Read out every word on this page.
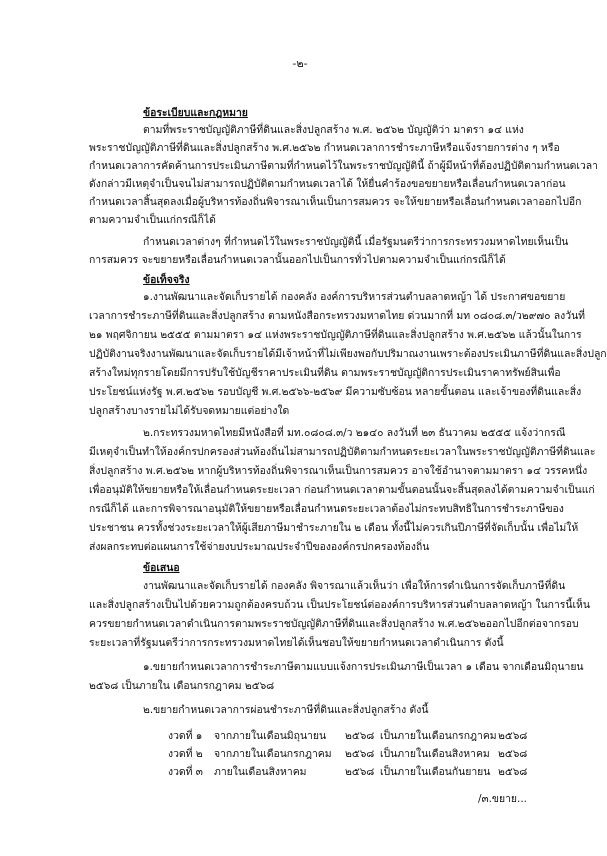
-๒-
ข้อระเบียบและกฎหมาย
ตามที่พระราชบัญญัติภาษีที่ดินและสิ่งปลูกสร้าง พ.ศ. ๒๕๖๒ บัญญัติว่า มาตรา ๑๔ แห่ง
พระราชบัญญัติภาษีที่ดินและสิ่งปลูกสร้าง พ.ศ.๒๕๖๒ กำหนดเวลาการชำระภาษีหรือแจ้งรายการต่าง ๆ หรือ
กำหนดเวลาการคัดค้านการประเมินภาษีตามที่กำหนดไว้ในพระราชบัญญัตินี้ ถ้าผู้มีหน้าที่ต้องปฏิบัติตามกำหนดเวลา
ดังกล่าวมีเหตุจำเป็นจนไม่สามารถปฏิบัติตามกำหนดเวลาได้ ให้ยื่นคำร้องขอขยายหรือเลื่อนกำหนดเวลาก่อน
กำหนดเวลาสิ้นสุดลงเมื่อผู้บริหารท้องถิ่นพิจารณาเห็นเป็นการสมควร จะให้ขยายหรือเลื่อนกำหนดเวลาออกไปอีก
ตามความจำเป็นแก่กรณีก็ได้
กำหนดเวลาต่างๆ ที่กำหนดไว้ในพระราชบัญญัตินี้ เมื่อรัฐมนตรีว่าการกระทรวงมหาดไทยเห็นเป็น
การสมควร จะขยายหรือเลื่อนกำหนดเวลานั้นออกไปเป็นการทั่วไปตามความจำเป็นแก่กรณีก็ได้
ข้อเท็จจริง
๑.งานพัฒนาและจัดเก็บรายได้ กองคลัง องค์การบริหารส่วนตำบลลาดหญ้า ได้ ประกาศขอขยาย
เวลาการชำระภาษีที่ดินและสิ่งปลูกสร้าง ตามหนังสือกระทรวงมหาดไทย ด่วนมากที่ มท ๐๘๐๘.๓/ว๒๙๗๐ ลงวันที่
๒๑ พฤศจิกายน ๒๕๕๕ ตามมาตรา ๑๔ แห่งพระราชบัญญัติภาษีที่ดินและสิ่งปลูกสร้าง พ.ศ.๒๕๖๒ แล้วนั้นในการ
ปฏิบัติงานจริงงานพัฒนาและจัดเก็บรายได้มีเจ้าหน้าที่ไม่เพียงพอกับปริมาณงานเพราะต้องประเมินภาษีที่ดินและสิ่งปลูก
สร้างใหม่ทุกรายโดยมีการปรับใช้บัญชีราคาประเมินที่ดิน ตามพระราชบัญญัติการประเมินราคาทรัพย์สินเพื่อ
ประโยชน์แห่งรัฐ พ.ศ.๒๕๖๒ รอบบัญชี พ.ศ.๒๕๖๖-๒๕๖๙ มีความซับซ้อน หลายขั้นตอน และเจ้าของที่ดินและสิ่ง
ปลูกสร้างบางรายไม่ได้รับจดหมายแต่อย่างใด
๒.กระทรวงมหาดไทยมีหนังสือที่ มท.๐๘๐๘.๓/ว ๒๑๔๐ ลงวันที่ ๒๓ ธันวาคม ๒๕๕๕ แจ้งว่ากรณี
มีเหตุจำเป็นทำให้องค์กรปกครองส่วนท้องถิ่นไม่สามารถปฏิบัติตามกำหนดระยะเวลาในพระราชบัญญัติภาษีที่ดินและ
สิ่งปลูกสร้าง พ.ศ.๒๕๖๒ หากผู้บริหารท้องถิ่นพิจารณาเห็นเป็นการสมควร อาจใช้อำนาจตามมาตรา ๑๔ วรรคหนึ่ง
เพื่ออนุมัติให้ขยายหรือให้เลื่อนกำหนดระยะเวลา ก่อนกำหนดเวลาตามขั้นตอนนั้นจะสิ้นสุดลงได้ตามความจำเป็นแก่
กรณีก็ได้ และการพิจารณาอนุมัติให้ขยายหรือเลื่อนกำหนดระยะเวลาต้องไม่กระทบสิทธิในการชำระภาษีของ
ประชาชน ควรทั้งช่วงระยะเวลาให้ผู้เสียภาษีมาชำระภายใน ๒ เดือน ทั้งนี้ไม่ควรเกินปีภาษีที่จัดเก็บนั้น เพื่อไม่ให้
ส่งผลกระทบต่อแผนการใช้จ่ายงบประมาณประจำปีขององค์กรปกครองท้องถิ่น
ข้อเสนอ
งานพัฒนาและจัดเก็บรายได้ กองคลัง พิจารณาแล้วเห็นว่า เพื่อให้การดำเนินการจัดเก็บภาษีที่ดิน
และสิ่งปลูกสร้างเป็นไปด้วยความถูกต้องครบถ้วน เป็นประโยชน์ต่อองค์การบริหารส่วนตำบลลาดหญ้า ในการนี้เห็น
ควรขยายกำหนดเวลาดำเนินการตามพระราชบัญญัติภาษีที่ดินและสิ่งปลูกสร้าง พ.ศ.๒๕๖๒ออกไปอีกต่อจากรอบ
ระยะเวลาที่รัฐมนตรีว่าการกระทรวงมหาดไทยได้เห็นชอบให้ขยายกำหนดเวลาดำเนินการ ดังนี้
๑.ขยายกำหนดเวลาการชำระภาษีตามแบบแจ้งการประเมินภาษีเป็นเวลา ๑ เดือน จากเดือนมิถุนายน
๒๕๖๘ เป็นภายใน เดือนกรกฎาคม ๒๕๖๘
๒.ขยายกำหนดเวลาการผ่อนชำระภาษีที่ดินและสิ่งปลูกสร้าง ดังนี้
งวดที่ ๑ จากภายในเดือนมิถุนายน ๒๕๖๘ เป็นภายในเดือนกรกฎาคม ๒๕๖๘
งวดที่ ๒ จากภายในเดือนกรกฎาคม ๒๕๖๘ เป็นภายในเดือนสิงหาคม ๒๕๖๘
งวดที่ ๓ ภายในเดือนสิงหาคม	๒๕๖๘ เป็นภายในเดือนกันยายน ๒๕๖๘
/๓.ขยาย...
